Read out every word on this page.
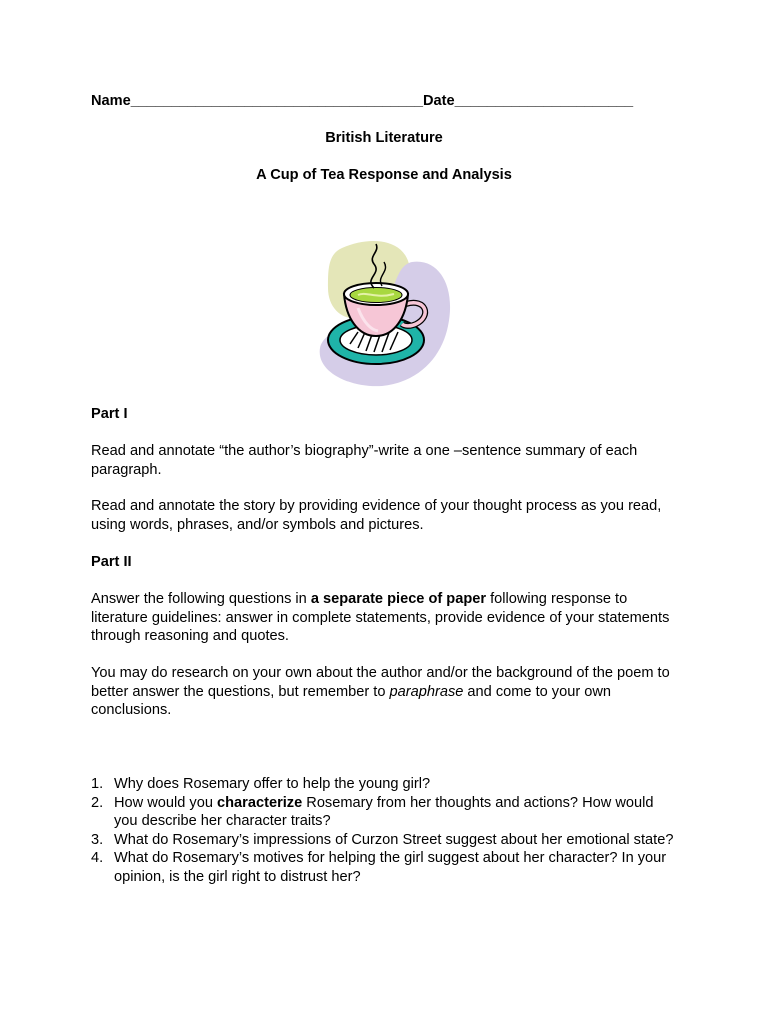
Name____________________________________Date______________________
British Literature
A Cup of Tea Response and Analysis
Part I
Read and annotate “the author’s biography”-write a one –sentence summary of each paragraph.
Read and annotate the story by providing evidence of your thought process as you read, using words, phrases, and/or symbols and pictures.
Part II
Answer the following questions in a separate piece of paper following response to literature guidelines: answer in complete statements, provide evidence of your statements through reasoning and quotes.
You may do research on your own about the author and/or the background of the poem to better answer the questions, but remember to paraphrase and come to your own conclusions.
1. Why does Rosemary offer to help the young girl?
2. How would you characterize Rosemary from her thoughts and actions? How would you describe her character traits?
3. What do Rosemary’s impressions of Curzon Street suggest about her emotional state?
4. What do Rosemary’s motives for helping the girl suggest about her character? In your opinion, is the girl right to distrust her?
